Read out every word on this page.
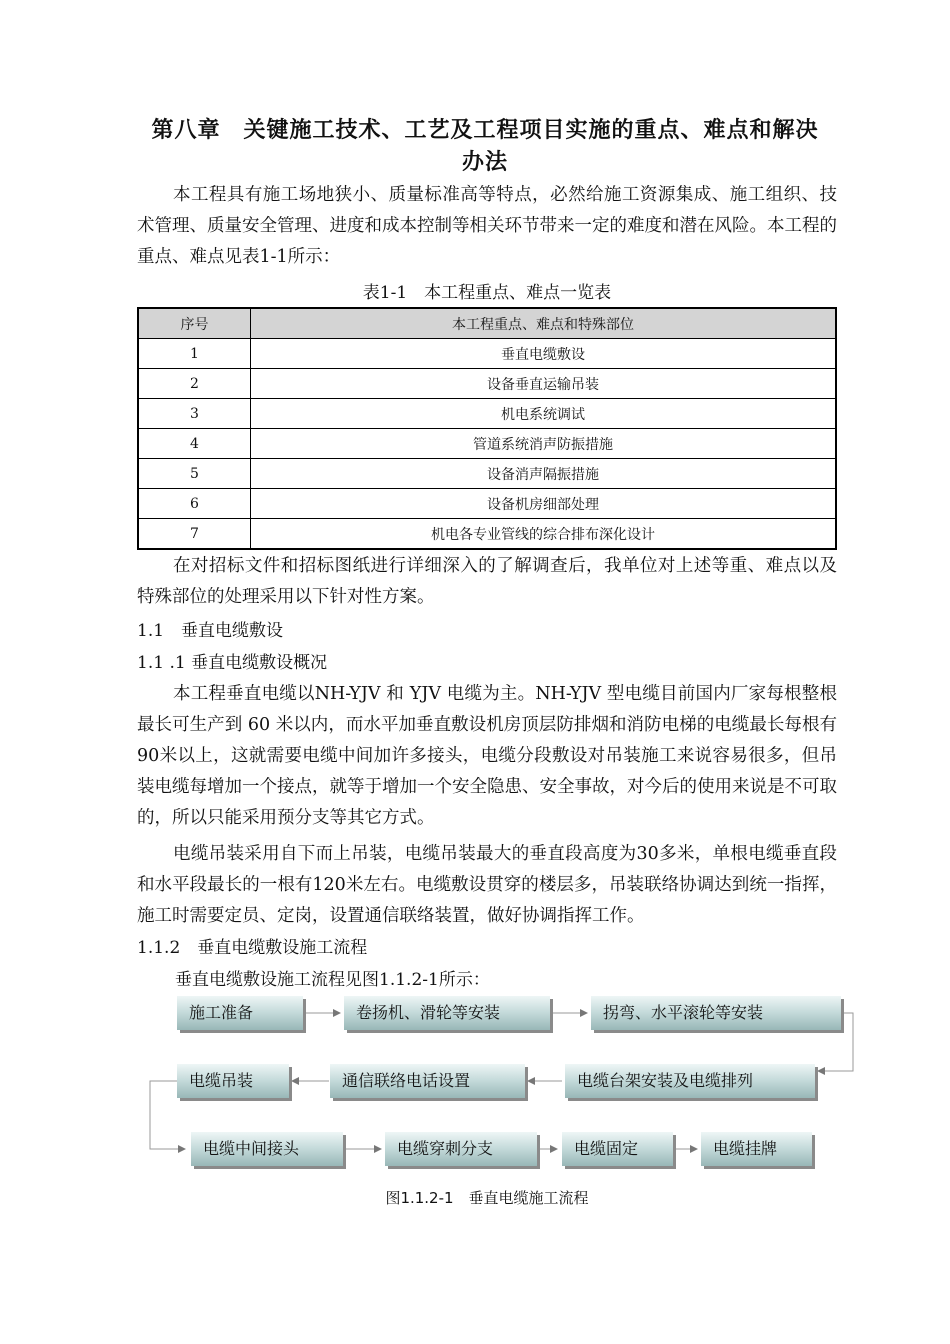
第八章　关键施工技术、工艺及工程项目实施的重点、难点和解决
办法

本工程具有施工场地狭小、质量标准高等特点，必然给施工资源集成、施工组织、技术管理、质量安全管理、进度和成本控制等相关环节带来一定的难度和潜在风险。本工程的重点、难点见表1-1所示：

表1-1　本工程重点、难点一览表
序号	本工程重点、难点和特殊部位
1	垂直电缆敷设
2	设备垂直运输吊装
3	机电系统调试
4	管道系统消声防振措施
5	设备消声隔振措施
6	设备机房细部处理
7	机电各专业管线的综合排布深化设计

在对招标文件和招标图纸进行详细深入的了解调查后，我单位对上述等重、难点以及特殊部位的处理采用以下针对性方案。

1.1　垂直电缆敷设
1.1 .1 垂直电缆敷设概况

本工程垂直电缆以NH-YJV 和 YJV 电缆为主。NH-YJV 型电缆目前国内厂家每根整根最长可生产到 60 米以内，而水平加垂直敷设机房顶层防排烟和消防电梯的电缆最长每根有90米以上，这就需要电缆中间加许多接头，电缆分段敷设对吊装施工来说容易很多，但吊装电缆每增加一个接点，就等于增加一个安全隐患、安全事故，对今后的使用来说是不可取的，所以只能采用预分支等其它方式。

电缆吊装采用自下而上吊装，电缆吊装最大的垂直段高度为30多米，单根电缆垂直段和水平段最长的一根有120米左右。电缆敷设贯穿的楼层多，吊装联络协调达到统一指挥，施工时需要定员、定岗，设置通信联络装置，做好协调指挥工作。

1.1.2　垂直电缆敷设施工流程
垂直电缆敷设施工流程见图1.1.2-1所示：
施工准备	卷扬机、滑轮等安装	拐弯、水平滚轮等安装
电缆台架安装及电缆排列
通信联络电话设置
电缆吊装
电缆中间接头	电缆穿刺分支	电缆固定	电缆挂牌
图1.1.2-1　垂直电缆施工流程
